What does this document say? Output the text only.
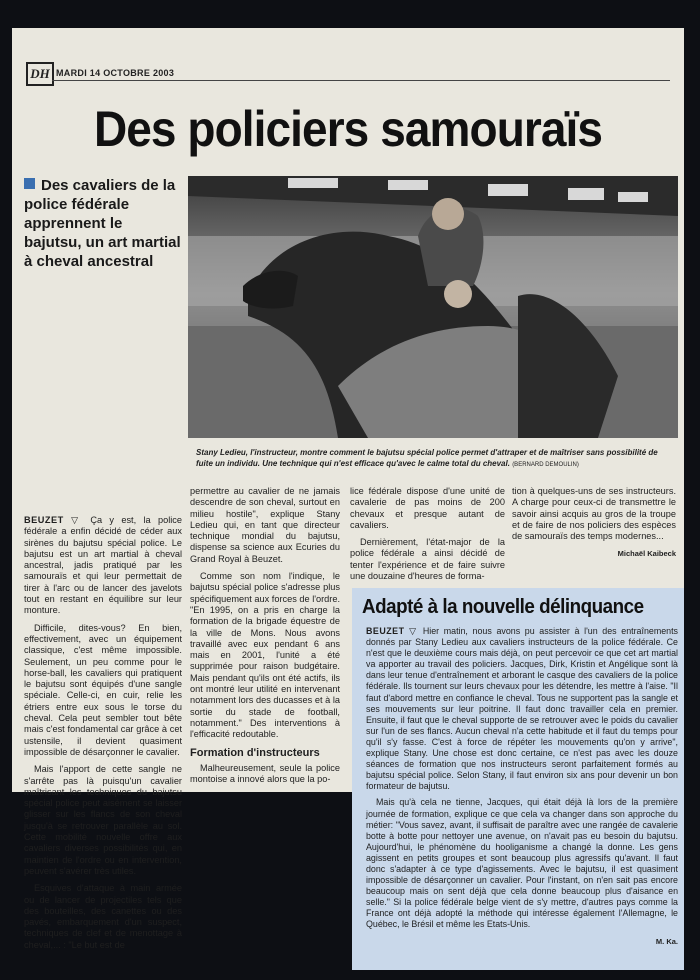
DH MARDI 14 OCTOBRE 2003
Des policiers samouraïs
Des cavaliers de la police fédérale apprennent le bajutsu, un art martial à cheval ancestral
Stany Ledieu, l'instructeur, montre comment le bajutsu spécial police permet d'attraper et de maîtriser sans possibilité de fuite un individu. Une technique qui n'est efficace qu'avec le calme total du cheval. (BERNARD DEMOULIN)

BEUZET ▽ Ça y est, la police fédérale a enfin décidé de céder aux sirènes du bajutsu spécial police. Le bajutsu est un art martial à cheval ancestral, jadis pratiqué par les samouraïs et qui leur permettait de tirer à l'arc ou de lancer des javelots tout en restant en équilibre sur leur monture.

Difficile, dites-vous? En bien, effectivement, avec un équipement classique, c'est même impossible. Seulement, un peu comme pour le horse-ball, les cavaliers qui pratiquent le bajutsu sont équipés d'une sangle spéciale. Celle-ci, en cuir, relie les étriers entre eux sous le torse du cheval. Cela peut sembler tout bête mais c'est fondamental car grâce à cet ustensile, il devient quasiment impossible de désarçonner le cavalier.

Mais l'apport de cette sangle ne s'arrête pas là puisqu'un cavalier maîtrisant les techniques du bajutsu spécial police peut aisément se laisser glisser sur les flancs de son cheval jusqu'à se retrouver parallèle au sol. Cette mobilité nouvelle offre aux cavaliers diverses possibilités qui, en maintien de l'ordre ou en intervention, peuvent s'avérer très utiles.

Esquives d'attaque à main armée ou de lancer de projectiles tels que des bouteilles, des canettes ou des pavés, embarquement d'un suspect, techniques de clef et de menottage à cheval,... : "Le but est de

permettre au cavalier de ne jamais descendre de son cheval, surtout en milieu hostile", explique Stany Ledieu qui, en tant que directeur technique mondial du bajutsu, dispense sa science aux Ecuries du Grand Royal à Beuzet.

Comme son nom l'indique, le bajutsu spécial police s'adresse plus spécifiquement aux forces de l'ordre. "En 1995, on a pris en charge la formation de la brigade équestre de la ville de Mons. Nous avons travaillé avec eux pendant 6 ans mais en 2001, l'unité a été supprimée pour raison budgétaire. Mais pendant qu'ils ont été actifs, ils ont montré leur utilité en intervenant notamment lors des ducasses et à la sortie du stade de football, notamment." Des interventions à l'efficacité redoutable.

Formation d'instructeurs

Malheureusement, seule la police montoise a innové alors que la po-

lice fédérale dispose d'une unité de cavalerie de pas moins de 200 chevaux et presque autant de cavaliers.

Dernièrement, l'état-major de la police fédérale a ainsi décidé de tenter l'expérience et de faire suivre une douzaine d'heures de forma-

tion à quelques-uns de ses instructeurs. A charge pour ceux-ci de transmettre le savoir ainsi acquis au gros de la troupe et de faire de nos policiers des espèces de samouraïs des temps modernes...

Michaël Kaibeck
Adapté à la nouvelle délinquance

BEUZET ▽ Hier matin, nous avons pu assister à l'un des entraînements donnés par Stany Ledieu aux cavaliers instructeurs de la police fédérale. Ce n'est que le deuxième cours mais déjà, on peut percevoir ce que cet art martial va apporter au travail des policiers. Jacques, Dirk, Kristin et Angélique sont là dans leur tenue d'entraînement et arborant le casque des cavaliers de la police fédérale. Ils tournent sur leurs chevaux pour les détendre, les mettre à l'aise. "Il faut d'abord mettre en confiance le cheval. Tous ne supportent pas la sangle et ses mouvements sur leur poitrine. Il faut donc travailler cela en premier. Ensuite, il faut que le cheval supporte de se retrouver avec le poids du cavalier sur l'un de ses flancs. Aucun cheval n'a cette habitude et il faut du temps pour qu'il s'y fasse. C'est à force de répéter les mouvements qu'on y arrive", explique Stany. Une chose est donc certaine, ce n'est pas avec les douze séances de formation que nos instructeurs seront parfaitement formés au bajutsu spécial police. Selon Stany, il faut environ six ans pour devenir un bon formateur de bajutsu.

Mais qu'à cela ne tienne, Jacques, qui était déjà là lors de la première journée de formation, explique ce que cela va changer dans son approche du métier: "Vous savez, avant, il suffisait de paraître avec une rangée de cavalerie botte à botte pour nettoyer une avenue, on n'avait pas eu besoin du bajutsu. Aujourd'hui, le phénomène du hooliganisme a changé la donne. Les gens agissent en petits groupes et sont beaucoup plus agressifs qu'avant. Il faut donc s'adapter à ce type d'agissements. Avec le bajutsu, il est quasiment impossible de désarçonner un cavalier. Pour l'instant, on n'en sait pas encore beaucoup mais on sent déjà que cela donne beaucoup plus d'aisance en selle." Si la police fédérale belge vient de s'y mettre, d'autres pays comme la France ont déjà adopté la méthode qui intéresse également l'Allemagne, le Québec, le Brésil et même les Etats-Unis.

M. Ka.
